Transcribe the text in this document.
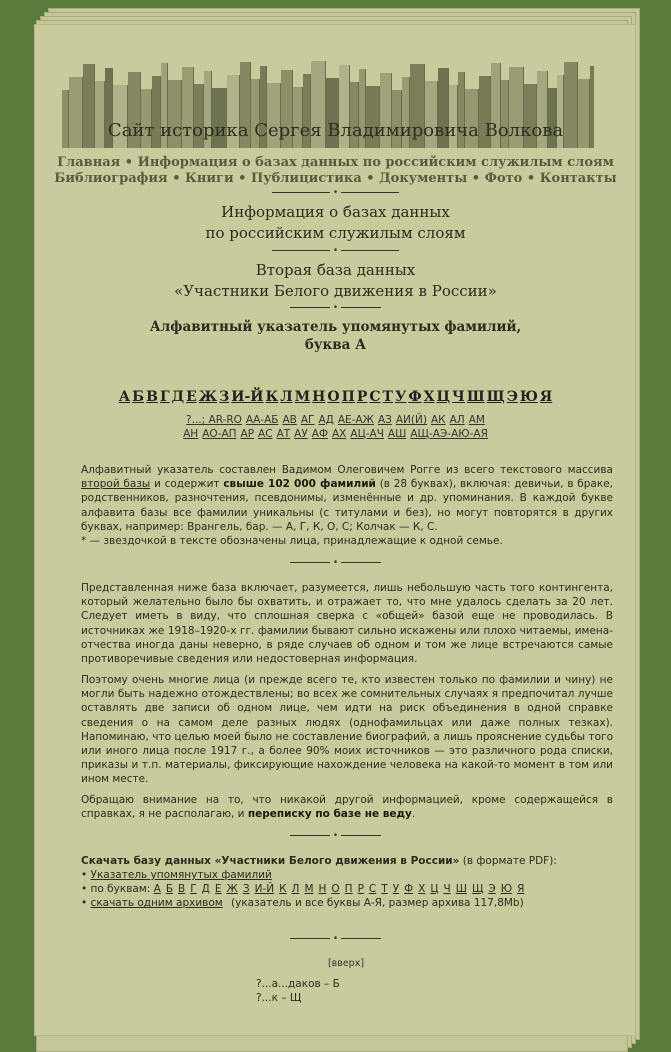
Сайт историка Сергея Владимировича Волкова
Главная • Информация о базах данных по российским служилым слоям
Библиография • Книги • Публицистика • Документы • Фото • Контакты
•
Информация о базах данных
по российским служилым слоям
•
Вторая база данных
«Участники Белого движения в России»
•
Алфавитный указатель упомянутых фамилий,
буква А
А Б В Г Д Е Ж З И-Й К Л М Н О П Р С Т У Ф Х Ц Ч Ш Щ Э Ю Я
?...; AR-RO АА-АБ АВ АГ АД АЕ-АЖ АЗ АИ(Й) АК АЛ АМ
АН АО-АП АР АС АТ АУ АФ АХ АЦ-АЧ АШ АЩ-АЭ-АЮ-АЯ
Алфавитный указатель составлен Вадимом Олеговичем Рогге из всего текстового массива второй базы и содержит свыше 102 000 фамилий (в 28 буквах), включая: девичьи, в браке, родственников, разночтения, псевдонимы, изменённые и др. упоминания. В каждой букве алфавита базы все фамилии уникальны (с титулами и без), но могут повторятся в других буквах, например: Врангель, бар. — А, Г, К, О, С; Колчак — К, С.
* — звездочкой в тексте обозначены лица, принадлежащие к одной семье.
•
Представленная ниже база включает, разумеется, лишь небольшую часть того контингента, который желательно было бы охватить, и отражает то, что мне удалось сделать за 20 лет. Следует иметь в виду, что сплошная сверка с «общей» базой еще не проводилась. В источниках же 1918–1920-х гг. фамилии бывают сильно искажены или плохо читаемы, имена-отчества иногда даны неверно, в ряде случаев об одном и том же лице встречаются самые противоречивые сведения или недостоверная информация.
Поэтому очень многие лица (и прежде всего те, кто известен только по фамилии и чину) не могли быть надежно отождествлены; во всех же сомнительных случаях я предпочитал лучше оставлять две записи об одном лице, чем идти на риск объединения в одной справке сведения о на самом деле разных людях (однофамильцах или даже полных тезках). Напоминаю, что целью моей было не составление биографий, а лишь прояснение судьбы того или иного лица после 1917 г., а более 90% моих источников — это различного рода списки, приказы и т.п. материалы, фиксирующие нахождение человека на какой-то момент в том или ином месте.
Обращаю внимание на то, что никакой другой информацией, кроме содержащейся в справках, я не располагаю, и переписку по базе не веду.
•
Скачать базу данных «Участники Белого движения в России» (в формате PDF):
• Указатель упомянутых фамилий
• по буквам: А Б В Г Д Е Ж З И-Й К Л М Н О П Р С Т У Ф Х Ц Ч Ш Щ Э Ю Я
• скачать одним архивом (указатель и все буквы А-Я, размер архива 117,8Mb)
•
[вверх]
?...а...даков – Б
?...к – Щ
